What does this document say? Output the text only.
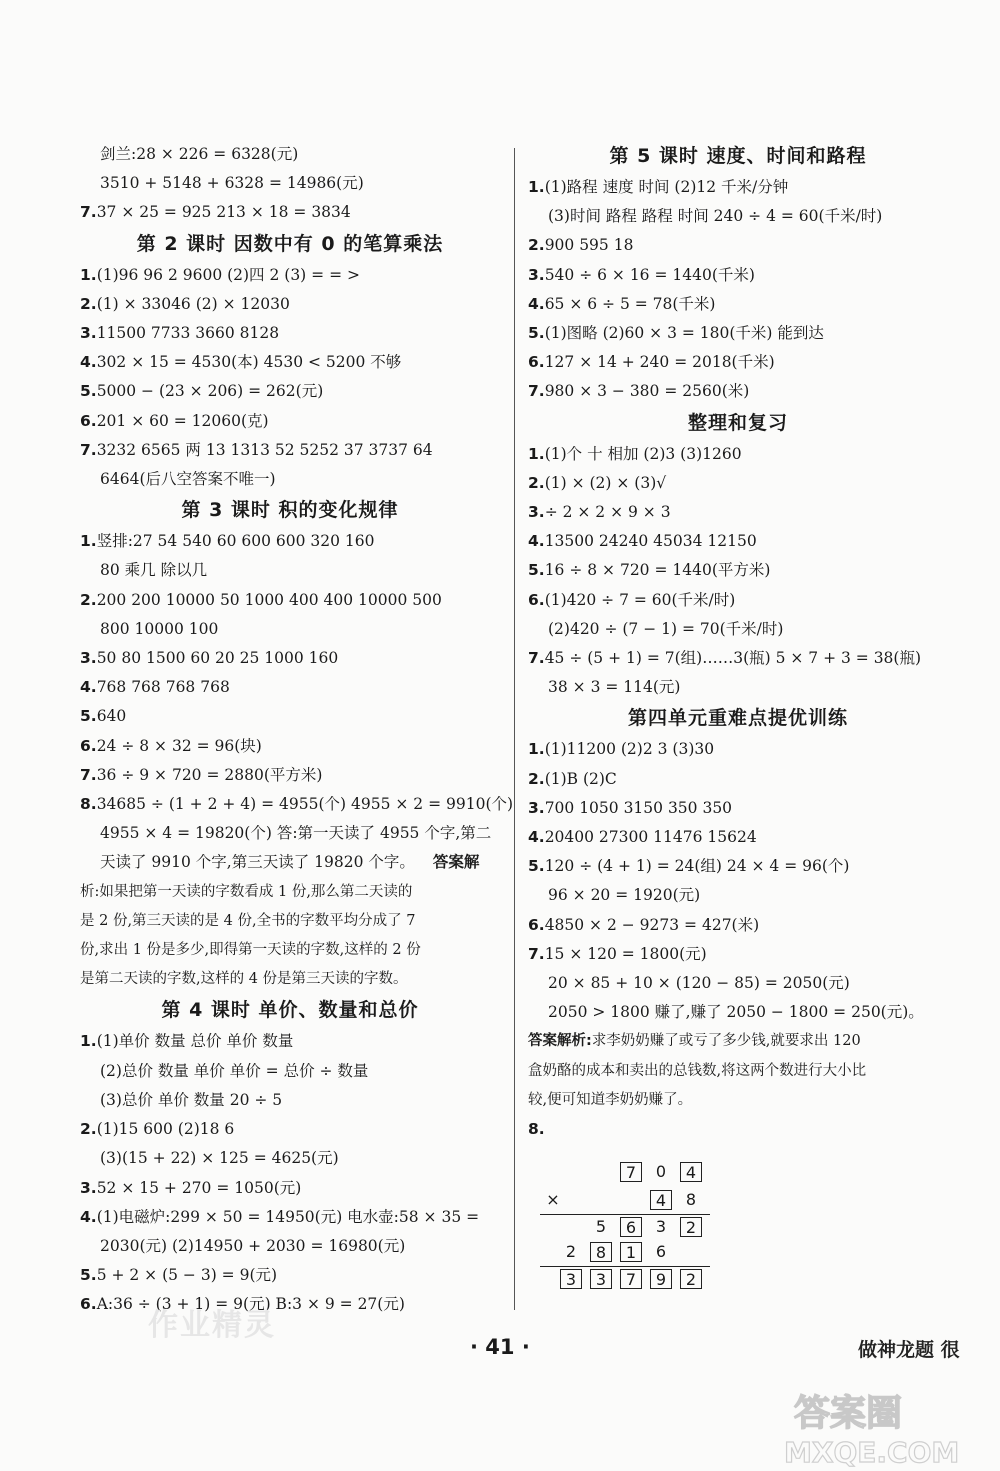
剑兰:28 × 226 = 6328(元)
3510 + 5148 + 6328 = 14986(元)
7.37 × 25 = 925 213 × 18 = 3834
第 2 课时 因数中有 0 的笔算乘法
1.(1)96 96 2 9600 (2)四 2 (3) = = >
2.(1) × 33046 (2) × 12030
3.11500 7733 3660 8128
4.302 × 15 = 4530(本) 4530 < 5200 不够
5.5000 − (23 × 206) = 262(元)
6.201 × 60 = 12060(克)
7.3232 6565 两 13 1313 52 5252 37 3737 64
6464(后八空答案不唯一)
第 3 课时 积的变化规律
1.竖排:27 54 540 60 600 600 320 160
80 乘几 除以几
2.200 200 10000 50 1000 400 400 10000 500
800 10000 100
3.50 80 1500 60 20 25 1000 160
4.768 768 768 768
5.640
6.24 ÷ 8 × 32 = 96(块)
7.36 ÷ 9 × 720 = 2880(平方米)
8.34685 ÷ (1 + 2 + 4) = 4955(个) 4955 × 2 = 9910(个)
4955 × 4 = 19820(个) 答:第一天读了 4955 个字,第二
天读了 9910 个字,第三天读了 19820 个字。 答案解
析:如果把第一天读的字数看成 1 份,那么第二天读的
是 2 份,第三天读的是 4 份,全书的字数平均分成了 7
份,求出 1 份是多少,即得第一天读的字数,这样的 2 份
是第二天读的字数,这样的 4 份是第三天读的字数。
第 4 课时 单价、数量和总价
1.(1)单价 数量 总价 单价 数量
(2)总价 数量 单价 单价 = 总价 ÷ 数量
(3)总价 单价 数量 20 ÷ 5
2.(1)15 600 (2)18 6
(3)(15 + 22) × 125 = 4625(元)
3.52 × 15 + 270 = 1050(元)
4.(1)电磁炉:299 × 50 = 14950(元) 电水壶:58 × 35 =
2030(元) (2)14950 + 2030 = 16980(元)
5.5 + 2 × (5 − 3) = 9(元)
6.A:36 ÷ (3 + 1) = 9(元) B:3 × 9 = 27(元)
第 5 课时 速度、时间和路程
1.(1)路程 速度 时间 (2)12 千米/分钟
(3)时间 路程 路程 时间 240 ÷ 4 = 60(千米/时)
2.900 595 18
3.540 ÷ 6 × 16 = 1440(千米)
4.65 × 6 ÷ 5 = 78(千米)
5.(1)图略 (2)60 × 3 = 180(千米) 能到达
6.127 × 14 + 240 = 2018(千米)
7.980 × 3 − 380 = 2560(米)
整理和复习
1.(1)个 十 相加 (2)3 (3)1260
2.(1) × (2) × (3)√
3.÷ 2 × 2 × 9 × 3
4.13500 24240 45034 12150
5.16 ÷ 8 × 720 = 1440(平方米)
6.(1)420 ÷ 7 = 60(千米/时)
(2)420 ÷ (7 − 1) = 70(千米/时)
7.45 ÷ (5 + 1) = 7(组)……3(瓶) 5 × 7 + 3 = 38(瓶)
38 × 3 = 114(元)
第四单元重难点提优训练
1.(1)11200 (2)2 3 (3)30
2.(1)B (2)C
3.700 1050 3150 350 350
4.20400 27300 11476 15624
5.120 ÷ (4 + 1) = 24(组) 24 × 4 = 96(个)
96 × 20 = 1920(元)
6.4850 × 2 − 9273 = 427(米)
7.15 × 120 = 1800(元)
20 × 85 + 10 × (120 − 85) = 2050(元)
2050 > 1800 赚了,赚了 2050 − 1800 = 250(元)。
答案解析:求李奶奶赚了或亏了多少钱,就要求出 120
盒奶酪的成本和卖出的总钱数,将这两个数进行大小比
较,便可知道李奶奶赚了。
8.
7	0	4
×	4	8
5	6	3	2
2	8	1	6
3	3	7	9	2
作业精灵
· 41 ·	做神龙题 很
答案圈
MXQE.COM
